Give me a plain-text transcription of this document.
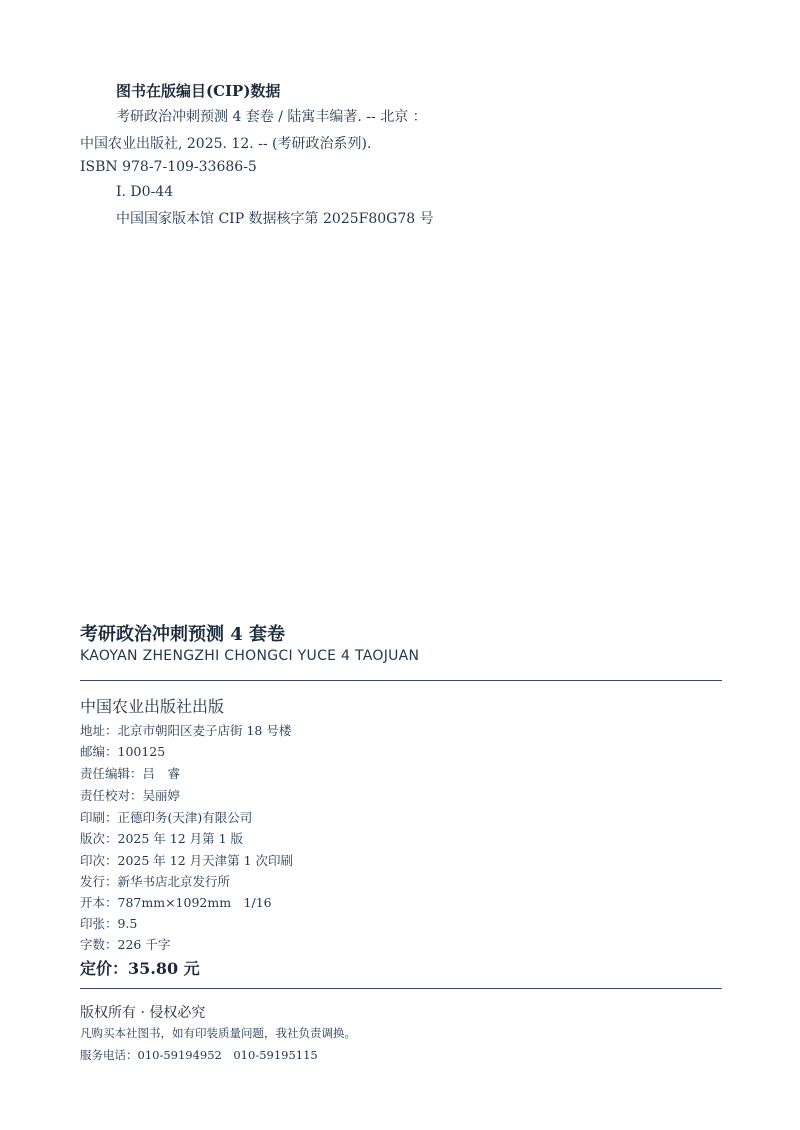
图书在版编目(CIP)数据
考研政治冲刺预测 4 套卷 / 陆寓丰编著. -- 北京 ：
中国农业出版社, 2025. 12. -- (考研政治系列).
ISBN 978-7-109-33686-5
Ⅰ. D0-44
中国国家版本馆 CIP 数据核字第 2025F80G78 号
考研政治冲刺预测 4 套卷
KAOYAN ZHENGZHI CHONGCI YUCE 4 TAOJUAN
中国农业出版社出版
地址：北京市朝阳区麦子店街 18 号楼
邮编：100125
责任编辑：吕　睿
责任校对：吴丽婷
印刷：正德印务(天津)有限公司
版次：2025 年 12 月第 1 版
印次：2025 年 12 月天津第 1 次印刷
发行：新华书店北京发行所
开本：787mm×1092mm　1/16
印张：9.5
字数：226 千字
定价：35.80 元
版权所有 · 侵权必究
凡购买本社图书，如有印装质量问题，我社负责调换。
服务电话：010-59194952　010-59195115
